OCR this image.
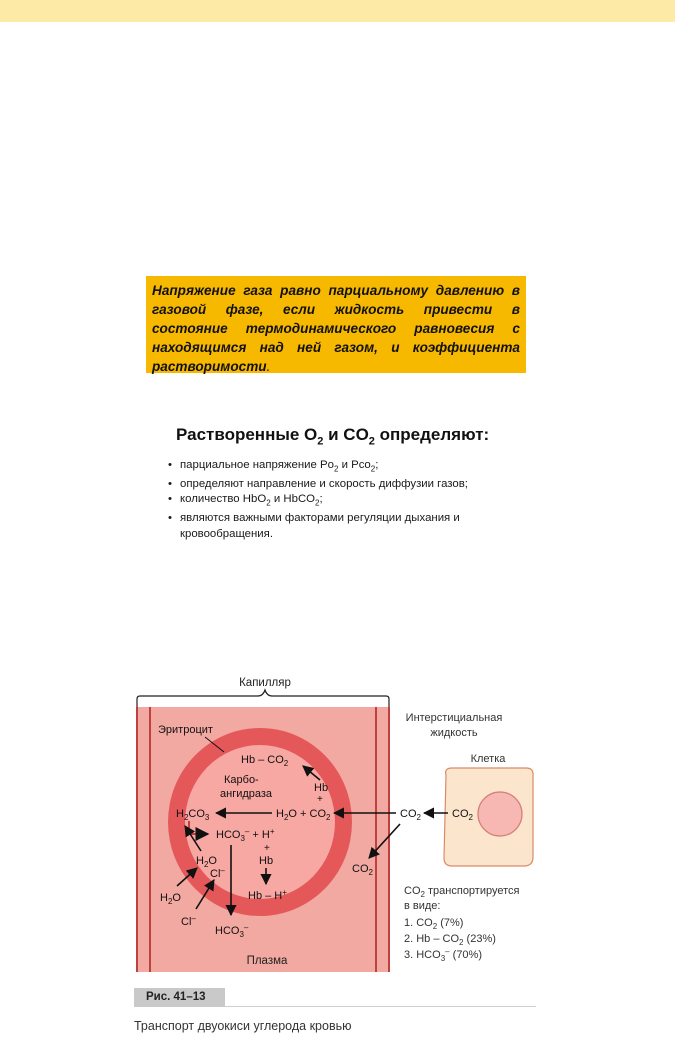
Напряжение газа равно парциальному давлению в газовой фазе, если жидкость привести в состояние термодинамического равновесия с находящимся над ней газом, и коэффициента растворимости.
Растворенные $O_2$ и $CO_2$ определяют:
• парциальное напряжение $Po_2$ и Pco$_2$;
• определяют направление и скорость диффузии газов;
• количество HbO$_2$ и HbCO$_2$;
• являются важными факторами регуляции дыхания и кровообращения.
Капилляр
Эритроцит
Интерстициальная
жидкость
Клетка
$CO_2$
$CO_2$
$CO_2$
Hb – $CO_2$
Hb
+
Карбо-
ангидраза
$H_2O + CO_2$
$H_2CO_3$
$HCO_3^- + H^+$
+
Hb
Hb – H+
$HCO_3^-$
$H_2O$
Cl–
$H_2O$
Cl–
Плазма
$CO_2$ транспортируется
в виде:
1. $CO_2$ (7%)
2. Hb – $CO_2$ (23%)
3. $HCO_3^-$ (70%)
Рис. 41–13
Транспорт двуокиси углерода кровью
